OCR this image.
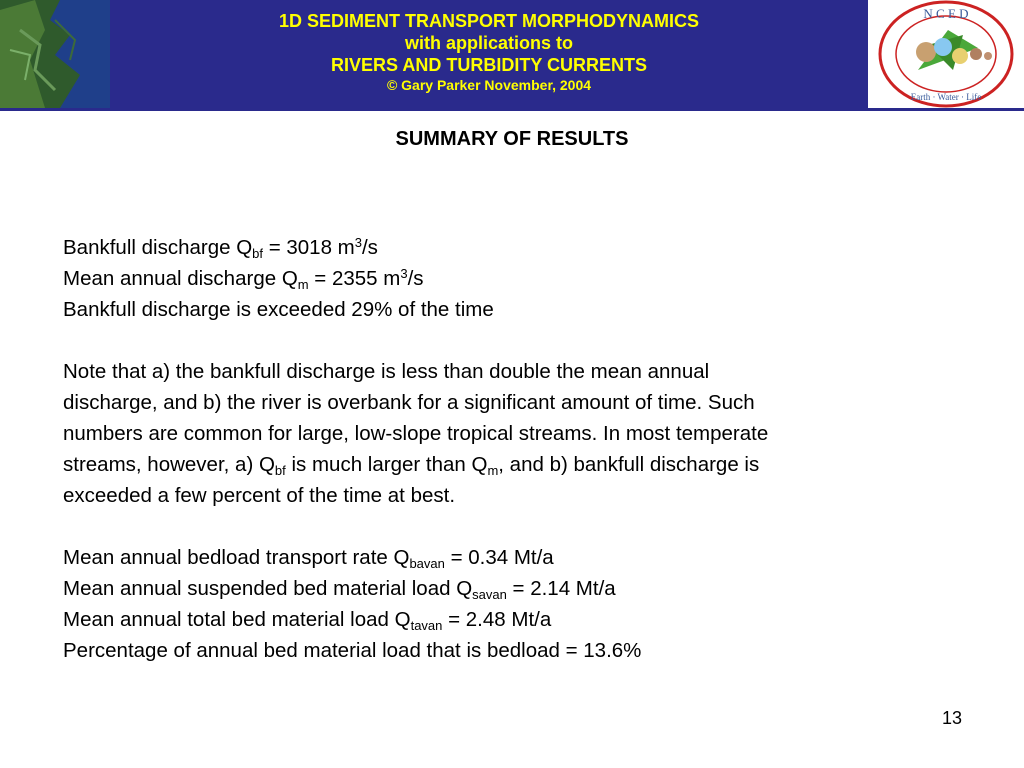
1D SEDIMENT TRANSPORT MORPHODYNAMICS

with applications to

RIVERS AND TURBIDITY CURRENTS

© Gary Parker November, 2004

N C E D
Earth · Water · Life
SUMMARY OF RESULTS

Bankfull discharge $Q_{bf} = 3018$ $m^3/s$

Mean annual discharge $Q_m = 2355$ $m^3/s$

Bankfull discharge is exceeded 29% of the time

Note that a) the bankfull discharge is less than double the mean annual

discharge, and b) the river is overbank for a significant amount of time. Such

numbers are common for large, low-slope tropical streams. In most temperate

streams, however, a) $Q_{bf}$ is much larger than $Q_m$, and b) bankfull discharge is

exceeded a few percent of the time at best.

Mean annual bedload transport rate $Q_{bavan} = 0.34$ Mt/a

Mean annual suspended bed material load $Q_{savan} = 2.14$ Mt/a

Mean annual total bed material load $Q_{tavan} = 2.48$ Mt/a

Percentage of annual bed material load that is bedload = 13.6%

13
